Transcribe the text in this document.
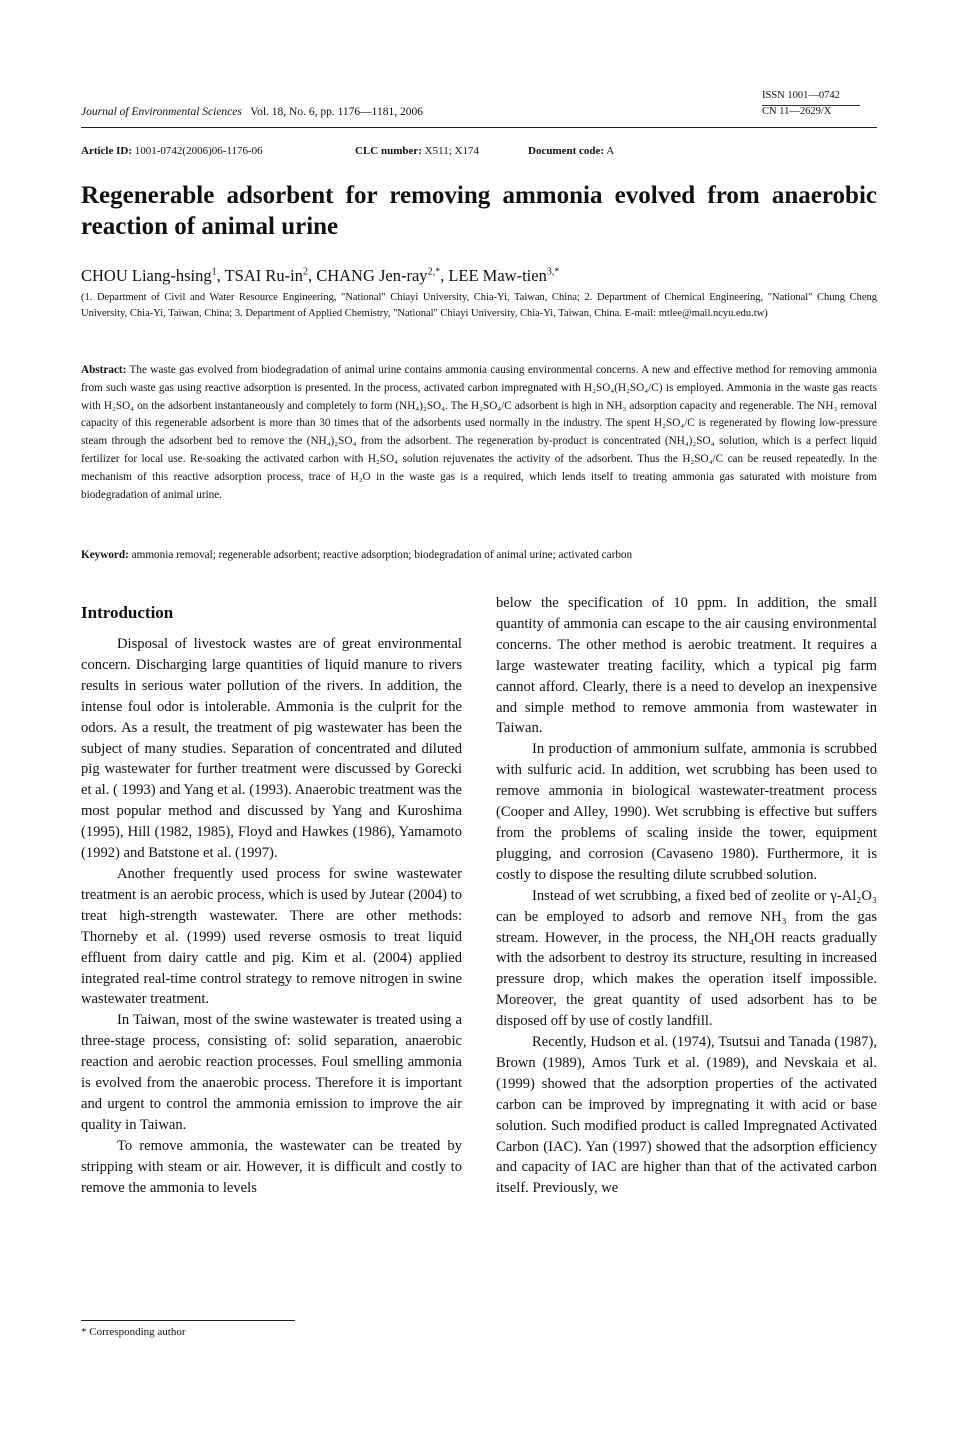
ISSN 1001—0742
CN 11—2629/X
Journal of Environmental Sciences Vol. 18, No. 6, pp. 1176—1181, 2006
Article ID: 1001-0742(2006)06-1176-06	CLC number: X511; X174	Document code: A
Regenerable adsorbent for removing ammonia evolved from anaerobic reaction of animal urine
CHOU Liang-hsing$^1$, TSAI $Ru-in^2$, CHANG Jen-ray$^{2,*}$, LEE Maw-tien$^{3,*}$
(1. Department of Civil and Water Resource Engineering, "National" Chiayi University, Chia-Yi, Taiwan, China; 2. Department of Chemical Engineering, "National" Chung Cheng University, Chia-Yi, Taiwan, China; 3. Department of Applied Chemistry, "National" Chiayi University, Chia-Yi, Taiwan, China. E-mail: mtlee@mail.ncyu.edu.tw)
Abstract: The waste gas evolved from biodegradation of animal urine contains ammonia causing environmental concerns. A new and effective method for removing ammonia from such waste gas using reactive adsorption is presented. In the process, activated carbon impregnated with H₂SO₄(H₂SO₄/C) is employed. Ammonia in the waste gas reacts with H₂SO₄ on the adsorbent instantaneously and completely to form (NH₄)₂SO₄. The H₂SO₄/C adsorbent is high in NH₃ adsorption capacity and regenerable. The NH₃ removal capacity of this regenerable adsorbent is more than 30 times that of the adsorbents used normally in the industry. The spent H₂SO₄/C is regenerated by flowing low-pressure steam through the adsorbent bed to remove the (NH₄)₂SO₄ from the adsorbent. The regeneration by-product is concentrated (NH₄)₂SO₄ solution, which is a perfect liquid fertilizer for local use. Re-soaking the activated carbon with H₂SO₄ solution rejuvenates the activity of the adsorbent. Thus the H₂SO₄/C can be reused repeatedly. In the mechanism of this reactive adsorption process, trace of H₂O in the waste gas is a required, which lends itself to treating ammonia gas saturated with moisture from biodegradation of animal urine.
Keyword: ammonia removal; regenerable adsorbent; reactive adsorption; biodegradation of animal urine; activated carbon
Introduction

Disposal of livestock wastes are of great environmental concern. Discharging large quantities of liquid manure to rivers results in serious water pollution of the rivers. In addition, the intense foul odor is intolerable. Ammonia is the culprit for the odors. As a result, the treatment of pig wastewater has been the subject of many studies. Separation of concentrated and diluted pig wastewater for further treatment were discussed by Gorecki et al. ( 1993) and Yang et al. (1993). Anaerobic treatment was the most popular method and discussed by Yang and Kuroshima (1995), Hill (1982, 1985), Floyd and Hawkes (1986), Yamamoto (1992) and Batstone et al. (1997).

Another frequently used process for swine wastewater treatment is an aerobic process, which is used by Jutear (2004) to treat high-strength wastewater. There are other methods: Thorneby et al. (1999) used reverse osmosis to treat liquid effluent from dairy cattle and pig. Kim et al. (2004) applied integrated real-time control strategy to remove nitrogen in swine wastewater treatment.

In Taiwan, most of the swine wastewater is treated using a three-stage process, consisting of: solid separation, anaerobic reaction and aerobic reaction processes. Foul smelling ammonia is evolved from the anaerobic process. Therefore it is important and urgent to control the ammonia emission to improve the air quality in Taiwan.

To remove ammonia, the wastewater can be treated by stripping with steam or air. However, it is difficult and costly to remove the ammonia to levels

below the specification of 10 ppm. In addition, the small quantity of ammonia can escape to the air causing environmental concerns. The other method is aerobic treatment. It requires a large wastewater treating facility, which a typical pig farm cannot afford. Clearly, there is a need to develop an inexpensive and simple method to remove ammonia from wastewater in Taiwan.

In production of ammonium sulfate, ammonia is scrubbed with sulfuric acid. In addition, wet scrubbing has been used to remove ammonia in biological wastewater-treatment process (Cooper and Alley, 1990). Wet scrubbing is effective but suffers from the problems of scaling inside the tower, equipment plugging, and corrosion (Cavaseno 1980). Furthermore, it is costly to dispose the resulting dilute scrubbed solution.

Instead of wet scrubbing, a fixed bed of zeolite or γ-Al₂O₃ can be employed to adsorb and remove NH₃ from the gas stream. However, in the process, the NH₄OH reacts gradually with the adsorbent to destroy its structure, resulting in increased pressure drop, which makes the operation itself impossible. Moreover, the great quantity of used adsorbent has to be disposed off by use of costly landfill.

Recently, Hudson et al. (1974), Tsutsui and Tanada (1987), Brown (1989), Amos Turk et al. (1989), and Nevskaia et al. (1999) showed that the adsorption properties of the activated carbon can be improved by impregnating it with acid or base solution. Such modified product is called Impregnated Activated Carbon (IAC). Yan (1997) showed that the adsorption efficiency and capacity of IAC are higher than that of the activated carbon itself. Previously, we

* Corresponding author
